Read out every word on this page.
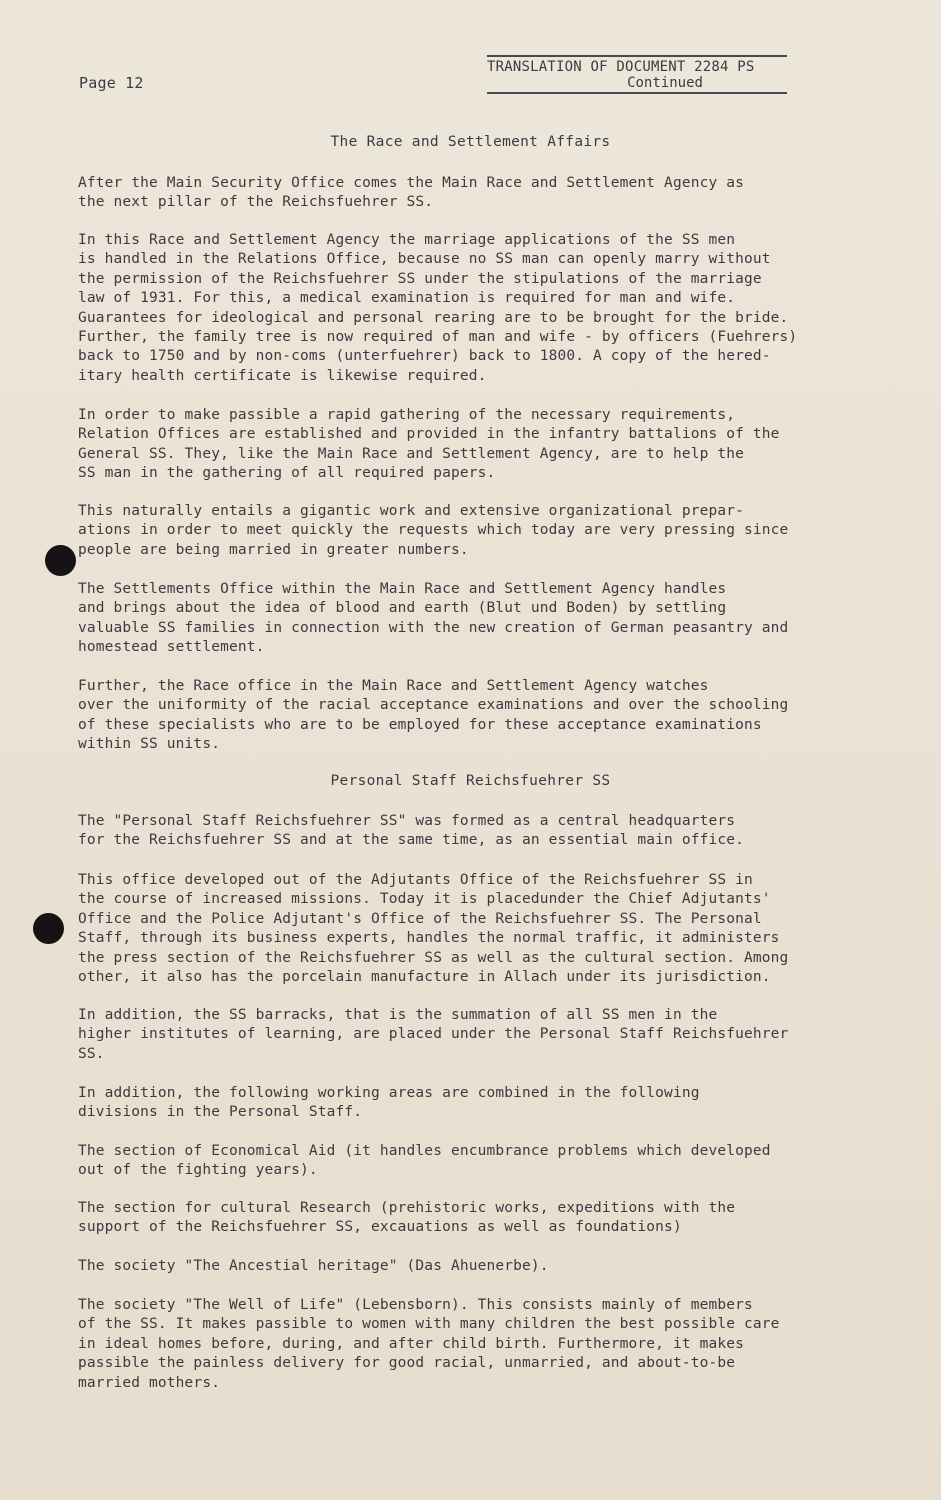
Page 12
TRANSLATION OF DOCUMENT 2284 PS
Continued
The Race and Settlement Affairs
After the Main Security Office comes the Main Race and Settlement Agency as
the next pillar of the Reichsfuehrer SS.
In this Race and Settlement Agency the marriage applications of the SS men
is handled in the Relations Office, because no SS man can openly marry without
the permission of the Reichsfuehrer SS under the stipulations of the marriage
law of 1931. For this, a medical examination is required for man and wife.
Guarantees for ideological and personal rearing are to be brought for the bride.
Further, the family tree is now required of man and wife - by officers (Fuehrers)
back to 1750 and by non-coms (unterfuehrer) back to 1800. A copy of the hered-
itary health certificate is likewise required.
In order to make passible a rapid gathering of the necessary requirements,
Relation Offices are established and provided in the infantry battalions of the
General SS. They, like the Main Race and Settlement Agency, are to help the
SS man in the gathering of all required papers.
This naturally entails a gigantic work and extensive organizational prepar-
ations in order to meet quickly the requests which today are very pressing since
people are being married in greater numbers.
The Settlements Office within the Main Race and Settlement Agency handles
and brings about the idea of blood and earth (Blut und Boden) by settling
valuable SS families in connection with the new creation of German peasantry and
homestead settlement.
Further, the Race office in the Main Race and Settlement Agency watches
over the uniformity of the racial acceptance examinations and over the schooling
of these specialists who are to be employed for these acceptance examinations
within SS units.
Personal Staff Reichsfuehrer SS
The "Personal Staff Reichsfuehrer SS" was formed as a central headquarters
for the Reichsfuehrer SS and at the same time, as an essential main office.
This office developed out of the Adjutants Office of the Reichsfuehrer SS in
the course of increased missions. Today it is placedunder the Chief Adjutants'
Office and the Police Adjutant's Office of the Reichsfuehrer SS. The Personal
Staff, through its business experts, handles the normal traffic, it administers
the press section of the Reichsfuehrer SS as well as the cultural section. Among
other, it also has the porcelain manufacture in Allach under its jurisdiction.
In addition, the SS barracks, that is the summation of all SS men in the
higher institutes of learning, are placed under the Personal Staff Reichsfuehrer
SS.
In addition, the following working areas are combined in the following
divisions in the Personal Staff.
The section of Economical Aid (it handles encumbrance problems which developed
out of the fighting years).
The section for cultural Research (prehistoric works, expeditions with the
support of the Reichsfuehrer SS, excauations as well as foundations)
The society "The Ancestial heritage" (Das Ahuenerbe).
The society "The Well of Life" (Lebensborn). This consists mainly of members
of the SS. It makes passible to women with many children the best possible care
in ideal homes before, during, and after child birth. Furthermore, it makes
passible the painless delivery for good racial, unmarried, and about-to-be
married mothers.
